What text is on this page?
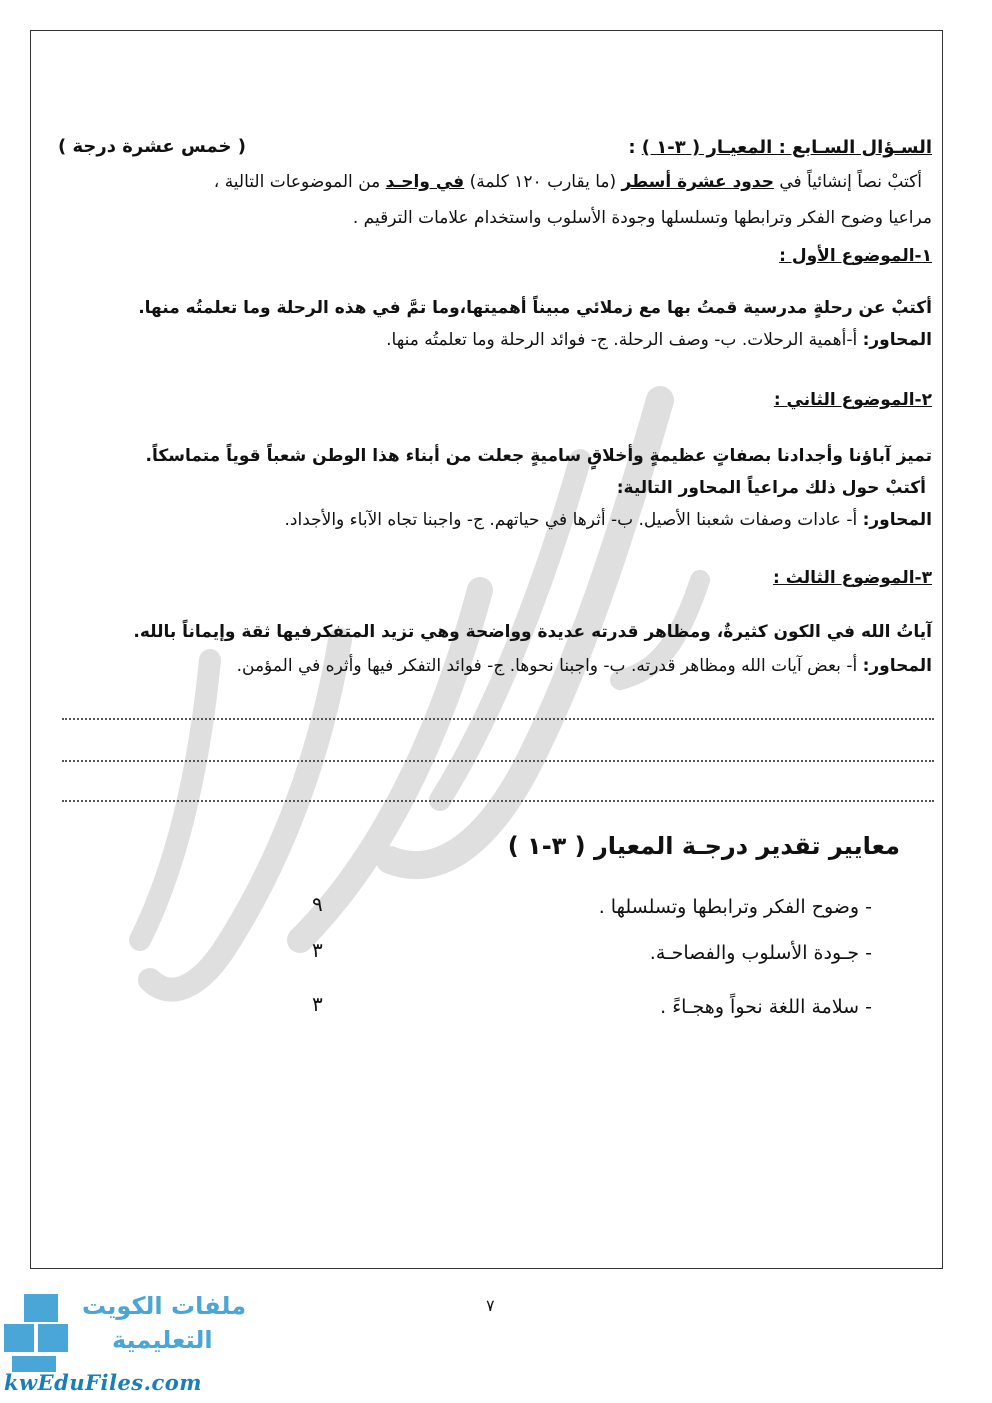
السـؤال السـابع : المعيـار ( ٣-١ ) :
( خمس عشرة درجة )
أكتبْ نصاً إنشائياً في حدود عشرة أسطر (ما يقارب ١٢٠ كلمة) في واحـد من الموضوعات التالية ،
مراعيا وضوح الفكر وترابطها وتسلسلها وجودة الأسلوب واستخدام علامات الترقيم .
١-الموضوع الأول :
أكتبْ عن رحلةٍ مدرسية قمتُ بها مع زملائي مبيناً أهميتها،وما تمَّ في هذه الرحلة وما تعلمتُه منها.
المحاور: أ-أهمية الرحلات. ب- وصف الرحلة. ج- فوائد الرحلة وما تعلمتُه منها.
٢-الموضوع الثاني :
تميز آباؤنا وأجدادنا بصفاتٍ عظيمةٍ وأخلاقٍ ساميةٍ جعلت من أبناء هذا الوطن شعباً قوياً متماسكاً.
أكتبْ حول ذلك مراعياً المحاور التالية:
المحاور: أ- عادات وصفات شعبنا الأصيل. ب- أثرها في حياتهم. ج- واجبنا تجاه الآباء والأجداد.
٣-الموضوع الثالث :
آياتُ الله في الكون كثيرةٌ، ومظاهر قدرته عديدة وواضحة وهي تزيد المتفكرفيها ثقة وإيماناً بالله.
المحاور: أ- بعض آيات الله ومظاهر قدرته. ب- واجبنا نحوها. ج- فوائد التفكر فيها وأثره في المؤمن.
معايير تقدير درجـة المعيار ( ٣-١ )
- وضوح الفكر وترابطها وتسلسلها .
٩
- جـودة الأسلوب والفصاحـة.
٣
- سلامة اللغة نحواً وهجـاءً .
٣
٧
ملفات الكويت
التعليمية
kwEduFiles.com
